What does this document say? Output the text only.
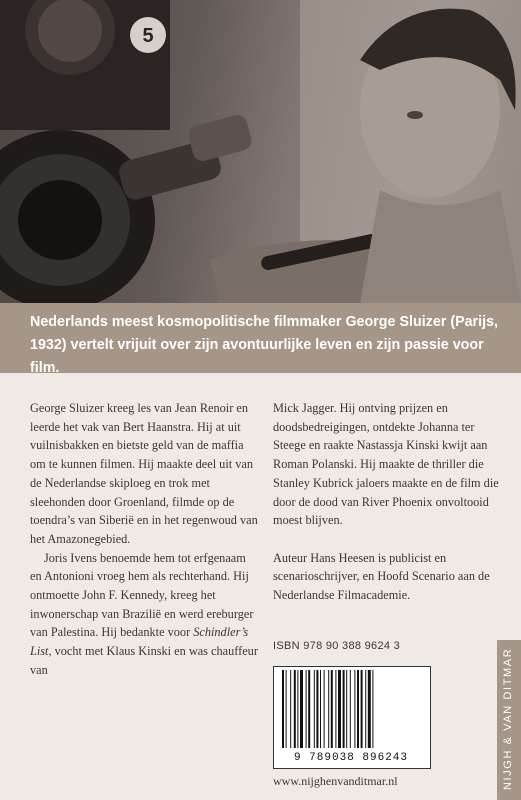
5

Nederlands meest kosmopolitische filmmaker George Sluizer (Parijs, 1932) vertelt vrijuit over zijn avontuurlijke leven en zijn passie voor film.

George Sluizer kreeg les van Jean Renoir en leerde het vak van Bert Haanstra. Hij at uit vuilnisbakken en bietste geld van de maffia om te kunnen filmen. Hij maakte deel uit van de Nederlandse skiploeg en trok met sleehonden door Groenland, filmde op de toendra’s van Siberië en in het regenwoud van het Amazonegebied.

Joris Ivens benoemde hem tot erfgenaam en Antonioni vroeg hem als rechterhand. Hij ontmoette John F. Kennedy, kreeg het inwonerschap van Brazilië en werd ereburger van Palestina. Hij bedankte voor Schindler’s List, vocht met Klaus Kinski en was chauffeur van

Mick Jagger. Hij ontving prijzen en doodsbedreigingen, ontdekte Johanna ter Steege en raakte Nastassja Kinski kwijt aan Roman Polanski. Hij maakte de thriller die Stanley Kubrick jaloers maakte en de film die door de dood van River Phoenix onvoltooid moest blijven.

Auteur Hans Heesen is publicist en scenarioschrijver, en Hoofd Scenario aan de Nederlandse Filmacademie.

ISBN 978 90 388 9624 3
9 789038 896243
www.nijghenvanditmar.nl	NIJGH & VAN DITMAR
